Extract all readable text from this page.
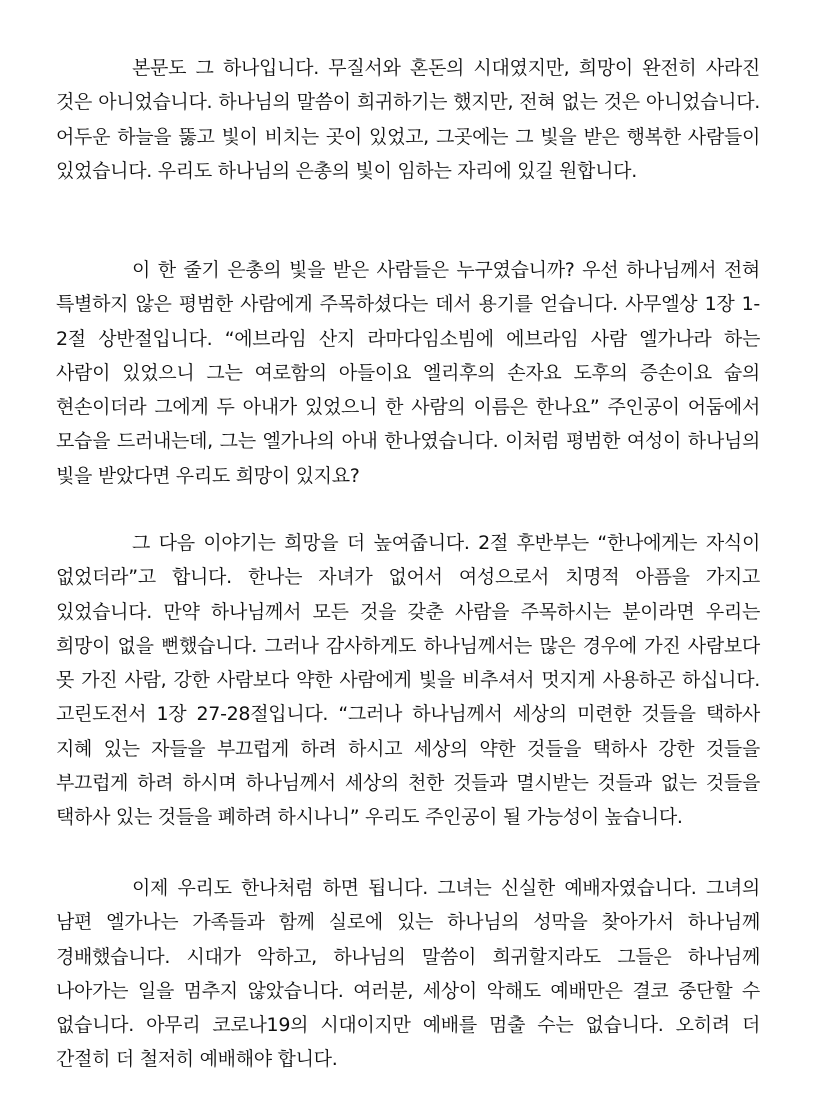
본문도 그 하나입니다. 무질서와 혼돈의 시대였지만, 희망이 완전히 사라진 것은 아니었습니다. 하나님의 말씀이 희귀하기는 했지만, 전혀 없는 것은 아니었습니다. 어두운 하늘을 뚫고 빛이 비치는 곳이 있었고, 그곳에는 그 빛을 받은 행복한 사람들이 있었습니다. 우리도 하나님의 은총의 빛이 임하는 자리에 있길 원합니다.

이 한 줄기 은총의 빛을 받은 사람들은 누구였습니까? 우선 하나님께서 전혀 특별하지 않은 평범한 사람에게 주목하셨다는 데서 용기를 얻습니다. 사무엘상 1장 1-2절 상반절입니다. “에브라임 산지 라마다임소빔에 에브라임 사람 엘가나라 하는 사람이 있었으니 그는 여로함의 아들이요 엘리후의 손자요 도후의 증손이요 숩의 현손이더라 그에게 두 아내가 있었으니 한 사람의 이름은 한나요” 주인공이 어둠에서 모습을 드러내는데, 그는 엘가나의 아내 한나였습니다. 이처럼 평범한 여성이 하나님의 빛을 받았다면 우리도 희망이 있지요?

그 다음 이야기는 희망을 더 높여줍니다. 2절 후반부는 “한나에게는 자식이 없었더라”고 합니다. 한나는 자녀가 없어서 여성으로서 치명적 아픔을 가지고 있었습니다. 만약 하나님께서 모든 것을 갖춘 사람을 주목하시는 분이라면 우리는 희망이 없을 뻔했습니다. 그러나 감사하게도 하나님께서는 많은 경우에 가진 사람보다 못 가진 사람, 강한 사람보다 약한 사람에게 빛을 비추셔서 멋지게 사용하곤 하십니다. 고린도전서 1장 27-28절입니다. “그러나 하나님께서 세상의 미련한 것들을 택하사 지혜 있는 자들을 부끄럽게 하려 하시고 세상의 약한 것들을 택하사 강한 것들을 부끄럽게 하려 하시며 하나님께서 세상의 천한 것들과 멸시받는 것들과 없는 것들을 택하사 있는 것들을 폐하려 하시나니” 우리도 주인공이 될 가능성이 높습니다.

이제 우리도 한나처럼 하면 됩니다. 그녀는 신실한 예배자였습니다. 그녀의 남편 엘가나는 가족들과 함께 실로에 있는 하나님의 성막을 찾아가서 하나님께 경배했습니다. 시대가 악하고, 하나님의 말씀이 희귀할지라도 그들은 하나님께 나아가는 일을 멈추지 않았습니다. 여러분, 세상이 악해도 예배만은 결코 중단할 수 없습니다. 아무리 코로나19의 시대이지만 예배를 멈출 수는 없습니다. 오히려 더 간절히 더 철저히 예배해야 합니다.
